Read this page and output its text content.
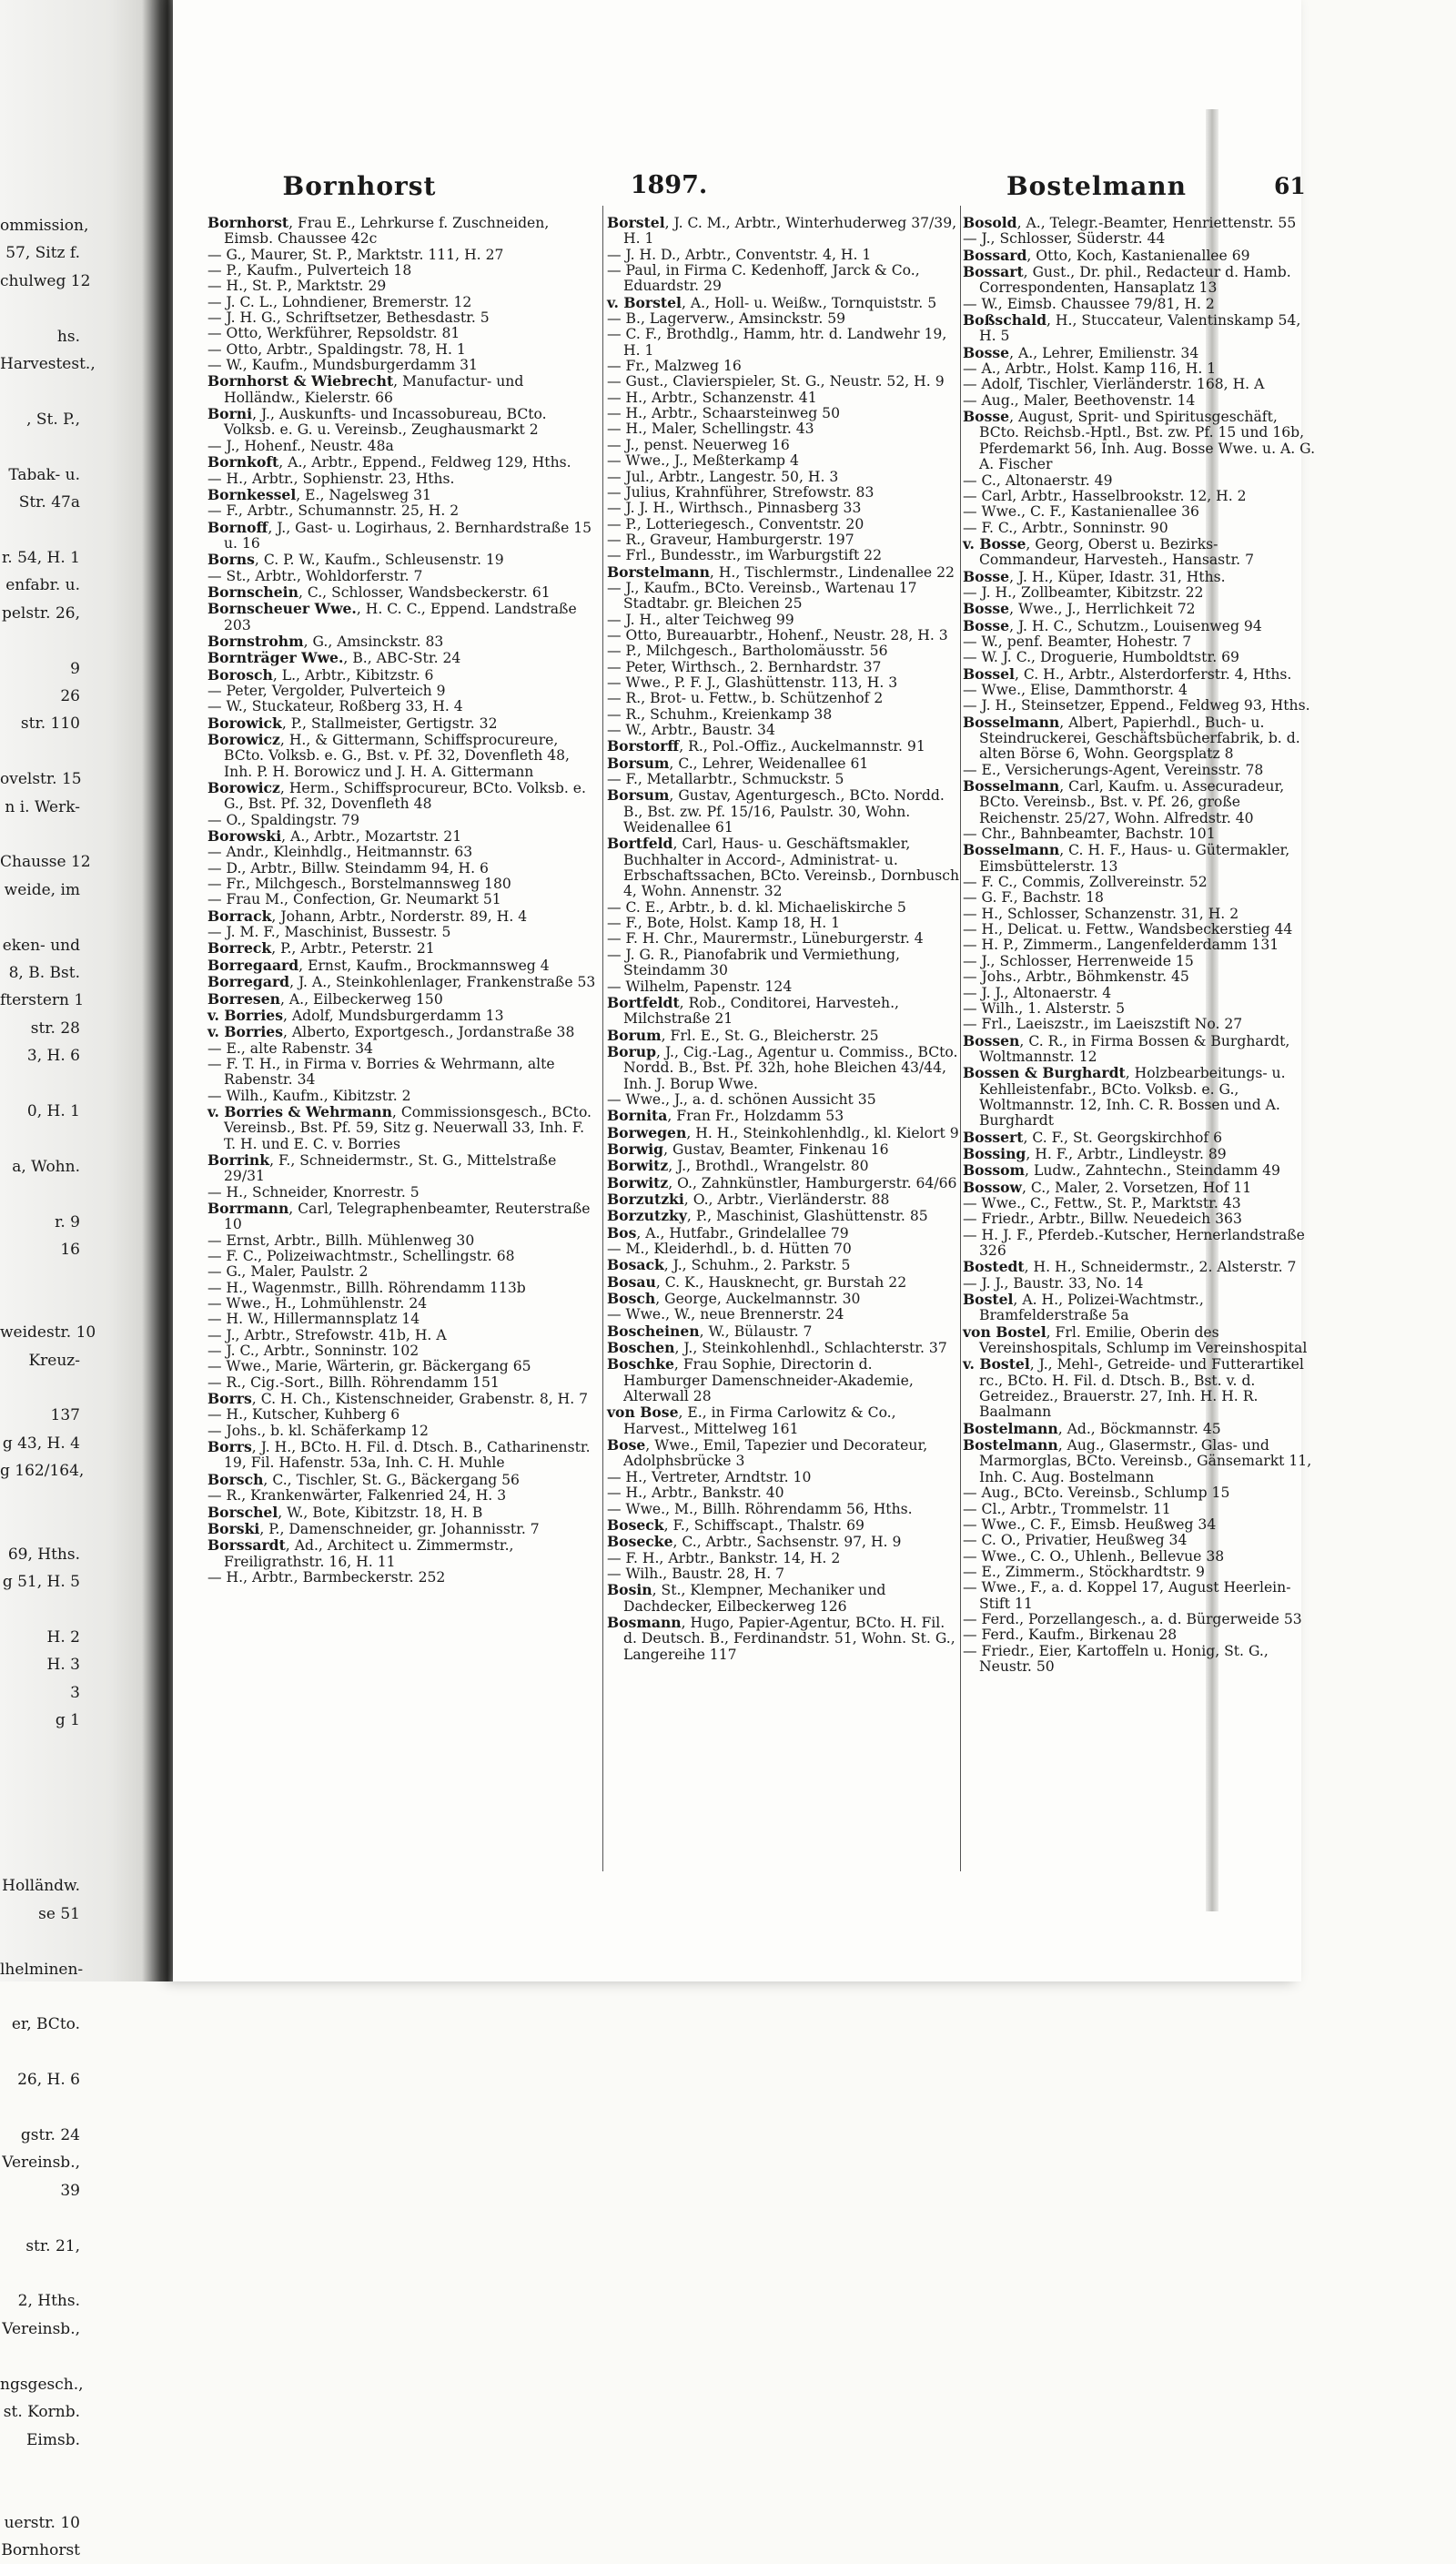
ommission,
57, Sitz f.
chulweg 12

hs.
Harvestest.,

, St. P.,

Tabak- u.
Str. 47a

r. 54, H. 1
enfabr. u.
pelstr. 26,

9
26
str. 110

ovelstr. 15
n i. Werk-

Chausse 12
weide, im

eken- und
8, B. Bst.
fterstern 1
str. 28
3, H. 6

0, H. 1

a, Wohn.

r. 9
16

weidestr. 10
Kreuz-

137
g 43, H. 4
g 162/164,

69, Hths.
g 51, H. 5

H. 2
H. 3
3
g 1

Holländw.
se 51

lhelminen-

er, BCto.

26, H. 6

gstr. 24
Vereinsb.,
39

str. 21,

2, Hths.
Vereinsb.,

ngsgesch.,
st. Kornb.
Eimsb.

uerstr. 10
Bornhorst
Bornhorst	1897.	Bostelmann	61

Bornhorst, Frau E., Lehrkurse f. Zuschneiden, Eimsb. Chaussee 42c

— G., Maurer, St. P., Marktstr. 111, H. 27

— P., Kaufm., Pulverteich 18

— H., St. P., Marktstr. 29

— J. C. L., Lohndiener, Bremerstr. 12

— J. H. G., Schriftsetzer, Bethesdastr. 5

— Otto, Werkführer, Repsoldstr. 81

— Otto, Arbtr., Spaldingstr. 78, H. 1

— W., Kaufm., Mundsburgerdamm 31

Bornhorst & Wiebrecht, Manufactur- und Holländw., Kielerstr. 66

Borni, J., Auskunfts- und Incassobureau, BCto. Volksb. e. G. u. Vereinsb., Zeughausmarkt 2

— J., Hohenf., Neustr. 48a

Bornkoft, A., Arbtr., Eppend., Feldweg 129, Hths.

— H., Arbtr., Sophienstr. 23, Hths.

Bornkessel, E., Nagelsweg 31

— F., Arbtr., Schumannstr. 25, H. 2

Bornoff, J., Gast- u. Logirhaus, 2. Bernhardstraße 15 u. 16

Borns, C. P. W., Kaufm., Schleusenstr. 19

— St., Arbtr., Wohldorferstr. 7

Bornschein, C., Schlosser, Wandsbeckerstr. 61

Bornscheuer Wwe., H. C. C., Eppend. Landstraße 203

Bornstrohm, G., Amsinckstr. 83

Bornträger Wwe., B., ABC-Str. 24

Borosch, L., Arbtr., Kibitzstr. 6

— Peter, Vergolder, Pulverteich 9

— W., Stuckateur, Roßberg 33, H. 4

Borowick, P., Stallmeister, Gertigstr. 32

Borowicz, H., & Gittermann, Schiffsprocureure, BCto. Volksb. e. G., Bst. v. Pf. 32, Dovenfleth 48, Inh. P. H. Borowicz und J. H. A. Gittermann

Borowicz, Herm., Schiffsprocureur, BCto. Volksb. e. G., Bst. Pf. 32, Dovenfleth 48

— O., Spaldingstr. 79

Borowski, A., Arbtr., Mozartstr. 21

— Andr., Kleinhdlg., Heitmannstr. 63

— D., Arbtr., Billw. Steindamm 94, H. 6

— Fr., Milchgesch., Borstelmannsweg 180

— Frau M., Confection, Gr. Neumarkt 51

Borrack, Johann, Arbtr., Norderstr. 89, H. 4

— J. M. F., Maschinist, Bussestr. 5

Borreck, P., Arbtr., Peterstr. 21

Borregaard, Ernst, Kaufm., Brockmannsweg 4

Borregard, J. A., Steinkohlenlager, Frankenstraße 53

Borresen, A., Eilbeckerweg 150

v. Borries, Adolf, Mundsburgerdamm 13

v. Borries, Alberto, Exportgesch., Jordanstraße 38

— E., alte Rabenstr. 34

— F. T. H., in Firma v. Borries & Wehrmann, alte Rabenstr. 34

— Wilh., Kaufm., Kibitzstr. 2

v. Borries & Wehrmann, Commissionsgesch., BCto. Vereinsb., Bst. Pf. 59, Sitz g. Neuerwall 33, Inh. F. T. H. und E. C. v. Borries

Borrink, F., Schneidermstr., St. G., Mittelstraße 29/31

— H., Schneider, Knorrestr. 5

Borrmann, Carl, Telegraphenbeamter, Reuterstraße 10

— Ernst, Arbtr., Billh. Mühlenweg 30

— F. C., Polizeiwachtmstr., Schellingstr. 68

— G., Maler, Paulstr. 2

— H., Wagenmstr., Billh. Röhrendamm 113b

— Wwe., H., Lohmühlenstr. 24

— H. W., Hillermannsplatz 14

— J., Arbtr., Strefowstr. 41b, H. A

— J. C., Arbtr., Sonninstr. 102

— Wwe., Marie, Wärterin, gr. Bäckergang 65

— R., Cig.-Sort., Billh. Röhrendamm 151

Borrs, C. H. Ch., Kistenschneider, Grabenstr. 8, H. 7

— H., Kutscher, Kuhberg 6

— Johs., b. kl. Schäferkamp 12

Borrs, J. H., BCto. H. Fil. d. Dtsch. B., Catharinenstr. 19, Fil. Hafenstr. 53a, Inh. C. H. Muhle

Borsch, C., Tischler, St. G., Bäckergang 56

— R., Krankenwärter, Falkenried 24, H. 3

Borschel, W., Bote, Kibitzstr. 18, H. B

Borski, P., Damenschneider, gr. Johannisstr. 7

Borssardt, Ad., Architect u. Zimmermstr., Freiligrathstr. 16, H. 11

— H., Arbtr., Barmbeckerstr. 252

Borstel, J. C. M., Arbtr., Winterhuderweg 37/39, H. 1

— J. H. D., Arbtr., Conventstr. 4, H. 1

— Paul, in Firma C. Kedenhoff, Jarck & Co., Eduardstr. 29

v. Borstel, A., Holl- u. Weißw., Tornquiststr. 5

— B., Lagerverw., Amsinckstr. 59

— C. F., Brothdlg., Hamm, htr. d. Landwehr 19, H. 1

— Fr., Malzweg 16

— Gust., Clavierspieler, St. G., Neustr. 52, H. 9

— H., Arbtr., Schanzenstr. 41

— H., Arbtr., Schaarsteinweg 50

— H., Maler, Schellingstr. 43

— J., penst. Neuerweg 16

— Wwe., J., Meßterkamp 4

— Jul., Arbtr., Langestr. 50, H. 3

— Julius, Krahnführer, Strefowstr. 83

— J. J. H., Wirthsch., Pinnasberg 33

— P., Lotteriegesch., Conventstr. 20

— R., Graveur, Hamburgerstr. 197

— Frl., Bundesstr., im Warburgstift 22

Borstelmann, H., Tischlermstr., Lindenallee 22

— J., Kaufm., BCto. Vereinsb., Wartenau 17 Stadtabr. gr. Bleichen 25

— J. H., alter Teichweg 99

— Otto, Bureauarbtr., Hohenf., Neustr. 28, H. 3

— P., Milchgesch., Bartholomäusstr. 56

— Peter, Wirthsch., 2. Bernhardstr. 37

— Wwe., P. F. J., Glashüttenstr. 113, H. 3

— R., Brot- u. Fettw., b. Schützenhof 2

— R., Schuhm., Kreienkamp 38

— W., Arbtr., Baustr. 34

Borstorff, R., Pol.-Offiz., Auckelmannstr. 91

Borsum, C., Lehrer, Weidenallee 61

— F., Metallarbtr., Schmuckstr. 5

Borsum, Gustav, Agenturgesch., BCto. Nordd. B., Bst. zw. Pf. 15/16, Paulstr. 30, Wohn. Weidenallee 61

Bortfeld, Carl, Haus- u. Geschäftsmakler, Buchhalter in Accord-, Administrat- u. Erbschaftssachen, BCto. Vereinsb., Dornbusch 4, Wohn. Annenstr. 32

— C. E., Arbtr., b. d. kl. Michaeliskirche 5

— F., Bote, Holst. Kamp 18, H. 1

— F. H. Chr., Maurermstr., Lüneburgerstr. 4

— J. G. R., Pianofabrik und Vermiethung, Steindamm 30

— Wilhelm, Papenstr. 124

Bortfeldt, Rob., Conditorei, Harvesteh., Milchstraße 21

Borum, Frl. E., St. G., Bleicherstr. 25

Borup, J., Cig.-Lag., Agentur u. Commiss., BCto. Nordd. B., Bst. Pf. 32h, hohe Bleichen 43/44, Inh. J. Borup Wwe.

— Wwe., J., a. d. schönen Aussicht 35

Bornita, Fran Fr., Holzdamm 53

Borwegen, H. H., Steinkohlenhdlg., kl. Kielort 9

Borwig, Gustav, Beamter, Finkenau 16

Borwitz, J., Brothdl., Wrangelstr. 80

Borwitz, O., Zahnkünstler, Hamburgerstr. 64/66

Borzutzki, O., Arbtr., Vierländerstr. 88

Borzutzky, P., Maschinist, Glashüttenstr. 85

Bos, A., Hutfabr., Grindelallee 79

— M., Kleiderhdl., b. d. Hütten 70

Bosack, J., Schuhm., 2. Parkstr. 5

Bosau, C. K., Hausknecht, gr. Burstah 22

Bosch, George, Auckelmannstr. 30

— Wwe., W., neue Brennerstr. 24

Boscheinen, W., Bülaustr. 7

Boschen, J., Steinkohlenhdl., Schlachterstr. 37

Boschke, Frau Sophie, Directorin d. Hamburger Damenschneider-Akademie, Alterwall 28

von Bose, E., in Firma Carlowitz & Co., Harvest., Mittelweg 161

Bose, Wwe., Emil, Tapezier und Decorateur, Adolphsbrücke 3

— H., Vertreter, Arndtstr. 10

— H., Arbtr., Bankstr. 40

— Wwe., M., Billh. Röhrendamm 56, Hths.

Boseck, F., Schiffscapt., Thalstr. 69

Bosecke, C., Arbtr., Sachsenstr. 97, H. 9

— F. H., Arbtr., Bankstr. 14, H. 2

— Wilh., Baustr. 28, H. 7

Bosin, St., Klempner, Mechaniker und Dachdecker, Eilbeckerweg 126

Bosmann, Hugo, Papier-Agentur, BCto. H. Fil. d. Deutsch. B., Ferdinandstr. 51, Wohn. St. G., Langereihe 117

Bosold, A., Telegr.-Beamter, Henriettenstr. 55

— J., Schlosser, Süderstr. 44

Bossard, Otto, Koch, Kastanienallee 69

Bossart, Gust., Dr. phil., Redacteur d. Hamb. Correspondenten, Hansaplatz 13

— W., Eimsb. Chaussee 79/81, H. 2

Boßschald, H., Stuccateur, Valentinskamp 54, H. 5

Bosse, A., Lehrer, Emilienstr. 34

— A., Arbtr., Holst. Kamp 116, H. 1

— Adolf, Tischler, Vierländerstr. 168, H. A

— Aug., Maler, Beethovenstr. 14

Bosse, August, Sprit- und Spiritusgeschäft, BCto. Reichsb.-Hptl., Bst. zw. Pf. 15 und 16b, Pferdemarkt 56, Inh. Aug. Bosse Wwe. u. A. G. A. Fischer

— C., Altonaerstr. 49

— Carl, Arbtr., Hasselbrookstr. 12, H. 2

— Wwe., C. F., Kastanienallee 36

— F. C., Arbtr., Sonninstr. 90

v. Bosse, Georg, Oberst u. Bezirks-Commandeur, Harvesteh., Hansastr. 7

Bosse, J. H., Küper, Idastr. 31, Hths.

— J. H., Zollbeamter, Kibitzstr. 22

Bosse, Wwe., J., Herrlichkeit 72

Bosse, J. H. C., Schutzm., Louisenweg 94

— W., penf. Beamter, Hohestr. 7

— W. J. C., Droguerie, Humboldtstr. 69

Bossel, C. H., Arbtr., Alsterdorferstr. 4, Hths.

— Wwe., Elise, Dammthorstr. 4

— J. H., Steinsetzer, Eppend., Feldweg 93, Hths.

Bosselmann, Albert, Papierhdl., Buch- u. Steindruckerei, Geschäftsbücherfabrik, b. d. alten Börse 6, Wohn. Georgsplatz 8

— E., Versicherungs-Agent, Vereinsstr. 78

Bosselmann, Carl, Kaufm. u. Assecuradeur, BCto. Vereinsb., Bst. v. Pf. 26, große Reichenstr. 25/27, Wohn. Alfredstr. 40

— Chr., Bahnbeamter, Bachstr. 101

Bosselmann, C. H. F., Haus- u. Gütermakler, Eimsbüttelerstr. 13

— F. C., Commis, Zollvereinstr. 52

— G. F., Bachstr. 18

— H., Schlosser, Schanzenstr. 31, H. 2

— H., Delicat. u. Fettw., Wandsbeckerstieg 44

— H. P., Zimmerm., Langenfelderdamm 131

— J., Schlosser, Herrenweide 15

— Johs., Arbtr., Böhmkenstr. 45

— J. J., Altonaerstr. 4

— Wilh., 1. Alsterstr. 5

— Frl., Laeiszstr., im Laeiszstift No. 27

Bossen, C. R., in Firma Bossen & Burghardt, Woltmannstr. 12

Bossen & Burghardt, Holzbearbeitungs- u. Kehlleistenfabr., BCto. Volksb. e. G., Woltmannstr. 12, Inh. C. R. Bossen und A. Burghardt

Bossert, C. F., St. Georgskirchhof 6

Bossing, H. F., Arbtr., Lindleystr. 89

Bossom, Ludw., Zahntechn., Steindamm 49

Bossow, C., Maler, 2. Vorsetzen, Hof 11

— Wwe., C., Fettw., St. P., Marktstr. 43

— Friedr., Arbtr., Billw. Neuedeich 363

— H. J. F., Pferdeb.-Kutscher, Hernerlandstraße 326

Bostedt, H. H., Schneidermstr., 2. Alsterstr. 7

— J. J., Baustr. 33, No. 14

Bostel, A. H., Polizei-Wachtmstr., Bramfelderstraße 5a

von Bostel, Frl. Emilie, Oberin des Vereinshospitals, Schlump im Vereinshospital

v. Bostel, J., Mehl-, Getreide- und Futterartikel rc., BCto. H. Fil. d. Dtsch. B., Bst. v. d. Getreidez., Brauerstr. 27, Inh. H. H. R. Baalmann

Bostelmann, Ad., Böckmannstr. 45

Bostelmann, Aug., Glasermstr., Glas- und Marmorglas, BCto. Vereinsb., Gänsemarkt 11, Inh. C. Aug. Bostelmann

— Aug., BCto. Vereinsb., Schlump 15

— Cl., Arbtr., Trommelstr. 11

— Wwe., C. F., Eimsb. Heußweg 34

— C. O., Privatier, Heußweg 34

— Wwe., C. O., Uhlenh., Bellevue 38

— E., Zimmerm., Stöckhardtstr. 9

— Wwe., F., a. d. Koppel 17, August Heerlein-Stift 11

— Ferd., Porzellangesch., a. d. Bürgerweide 53

— Ferd., Kaufm., Birkenau 28

— Friedr., Eier, Kartoffeln u. Honig, St. G., Neustr. 50
